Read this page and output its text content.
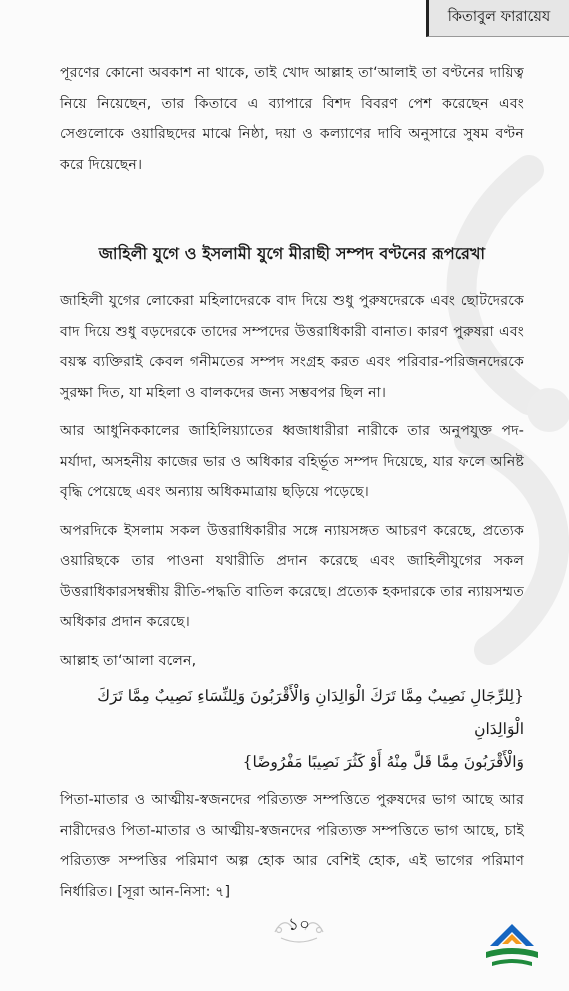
কিতাবুল ফারায়েয

পূরণের কোনো অবকাশ না থাকে, তাই খোদ আল্লাহ তা‘আলাই তা বণ্টনের দায়িত্ব নিয়ে নিয়েছেন, তার কিতাবে এ ব্যাপারে বিশদ বিবরণ পেশ করেছেন এবং সেগুলোকে ওয়ারিছদের মাঝে নিষ্ঠা, দয়া ও কল্যাণের দাবি অনুসারে সুষম বণ্টন করে দিয়েছেন।

জাহিলী যুগে ও ইসলামী যুগে মীরাছী সম্পদ বণ্টনের রূপরেখা

জাহিলী যুগের লোকেরা মহিলাদেরকে বাদ দিয়ে শুধু পুরুষদেরকে এবং ছোটদেরকে বাদ দিয়ে শুধু বড়দেরকে তাদের সম্পদের উত্তরাধিকারী বানাত। কারণ পুরুষরা এবং বয়স্ক ব্যক্তিরাই কেবল গনীমতের সম্পদ সংগ্রহ করত এবং পরিবার-পরিজনদেরকে সুরক্ষা দিত, যা মহিলা ও বালকদের জন্য সম্ভবপর ছিল না।

আর আধুনিককালের জাহিলিয়্যাতের ধ্বজাধারীরা নারীকে তার অনুপযুক্ত পদ-মর্যাদা, অসহনীয় কাজের ভার ও অধিকার বহির্ভূত সম্পদ দিয়েছে, যার ফলে অনিষ্ট বৃদ্ধি পেয়েছে এবং অন্যায় অধিকমাত্রায় ছড়িয়ে পড়েছে।

অপরদিকে ইসলাম সকল উত্তরাধিকারীর সঙ্গে ন্যায়সঙ্গত আচরণ করেছে, প্রত্যেক ওয়ারিছকে তার পাওনা যথারীতি প্রদান করেছে এবং জাহিলীযুগের সকল উত্তরাধিকারসম্বন্ধীয় রীতি-পদ্ধতি বাতিল করেছে। প্রত্যেক হকদারকে তার ন্যায়সম্মত অধিকার প্রদান করেছে।

আল্লাহ তা‘আলা বলেন,

{لِلرِّجَالِ نَصِيبٌ مِمَّا تَرَكَ الْوَالِدَانِ وَالْأَقْرَبُونَ وَلِلنِّسَاءِ نَصِيبٌ مِمَّا تَرَكَ الْوَالِدَانِ
وَالْأَقْرَبُونَ مِمَّا قَلَّ مِنْهُ أَوْ كَثُرَ نَصِيبًا مَفْرُوضًا}

পিতা-মাতার ও আত্মীয়-স্বজনদের পরিত্যক্ত সম্পত্তিতে পুরুষদের ভাগ আছে আর নারীদেরও পিতা-মাতার ও আত্মীয়-স্বজনদের পরিত্যক্ত সম্পত্তিতে ভাগ আছে, চাই পরিত্যক্ত সম্পত্তির পরিমাণ অল্প হোক আর বেশিই হোক, এই ভাগের পরিমাণ নির্ধারিত। [সূরা আন-নিসা: ৭]

১০
